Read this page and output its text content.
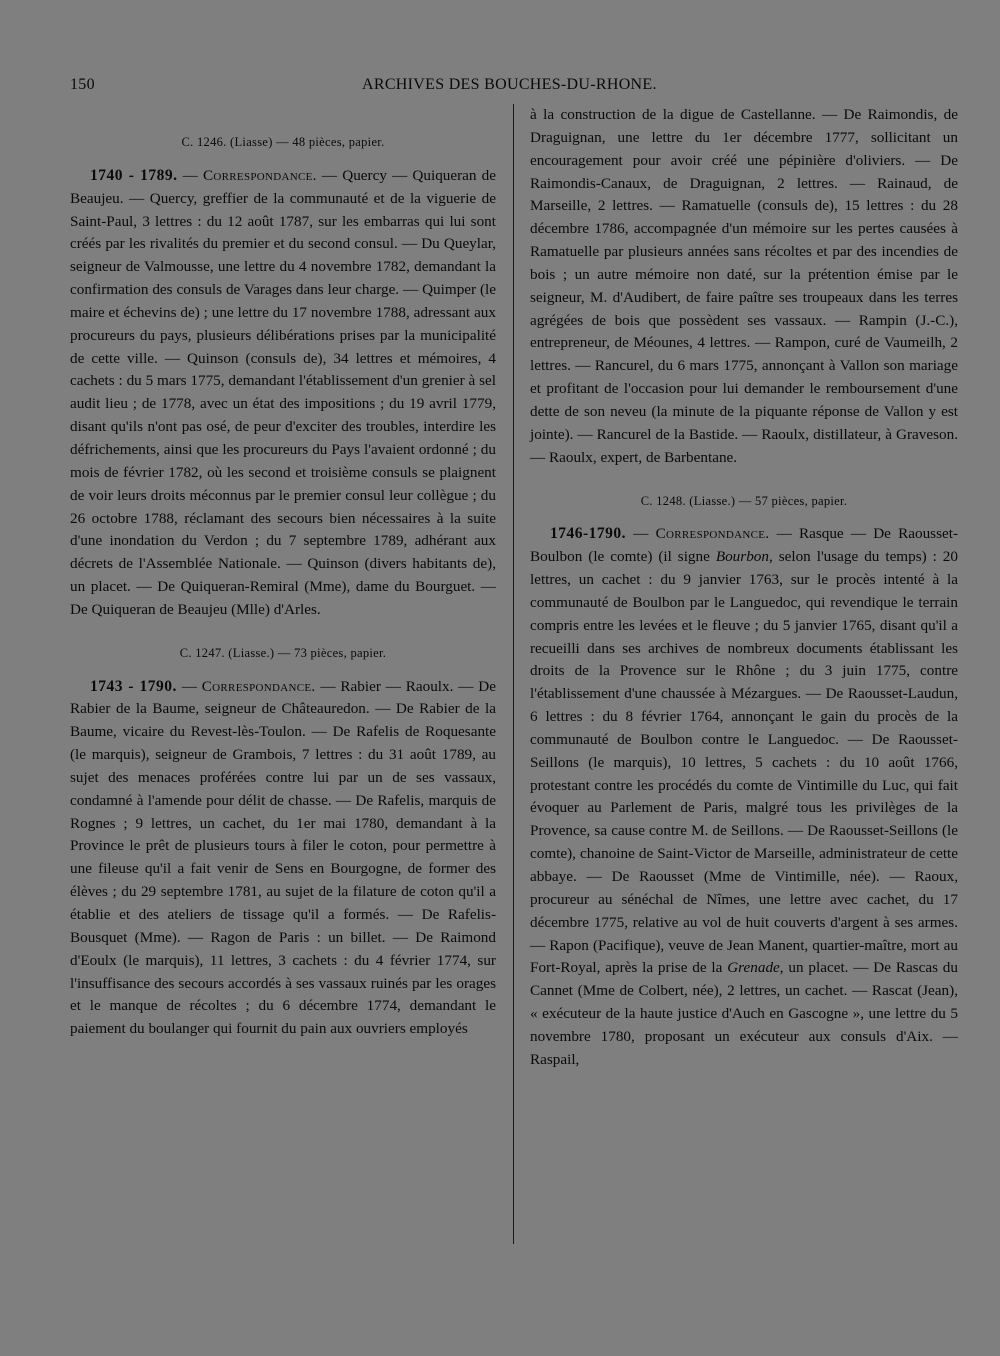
150	ARCHIVES DES BOUCHES-DU-RHONE.

C. 1246. (Liasse) — 48 pièces, papier.

1740 - 1789. — Correspondance. — Quercy — Quiqueran de Beaujeu. — Quercy, greffier de la communauté et de la viguerie de Saint-Paul, 3 lettres : du 12 août 1787, sur les embarras qui lui sont créés par les rivalités du premier et du second consul. — Du Queylar, seigneur de Valmousse, une lettre du 4 novembre 1782, demandant la confirmation des consuls de Varages dans leur charge. — Quimper (le maire et échevins de) ; une lettre du 17 novembre 1788, adressant aux procureurs du pays, plusieurs délibérations prises par la municipalité de cette ville. — Quinson (consuls de), 34 lettres et mémoires, 4 cachets : du 5 mars 1775, demandant l'établissement d'un grenier à sel audit lieu ; de 1778, avec un état des impositions ; du 19 avril 1779, disant qu'ils n'ont pas osé, de peur d'exciter des troubles, interdire les défrichements, ainsi que les procureurs du Pays l'avaient ordonné ; du mois de février 1782, où les second et troisième consuls se plaignent de voir leurs droits méconnus par le premier consul leur collègue ; du 26 octobre 1788, réclamant des secours bien nécessaires à la suite d'une inondation du Verdon ; du 7 septembre 1789, adhérant aux décrets de l'Assemblée Nationale. — Quinson (divers habitants de), un placet. — De Quiqueran-Remiral (Mme), dame du Bourguet. — De Quiqueran de Beaujeu (Mlle) d'Arles.

C. 1247. (Liasse.) — 73 pièces, papier.

1743 - 1790. — Correspondance. — Rabier — Raoulx. — De Rabier de la Baume, seigneur de Châteauredon. — De Rabier de la Baume, vicaire du Revest-lès-Toulon. — De Rafelis de Roquesante (le marquis), seigneur de Grambois, 7 lettres : du 31 août 1789, au sujet des menaces proférées contre lui par un de ses vassaux, condamné à l'amende pour délit de chasse. — De Rafelis, marquis de Rognes ; 9 lettres, un cachet, du 1er mai 1780, demandant à la Province le prêt de plusieurs tours à filer le coton, pour permettre à une fileuse qu'il a fait venir de Sens en Bourgogne, de former des élèves ; du 29 septembre 1781, au sujet de la filature de coton qu'il a établie et des ateliers de tissage qu'il a formés. — De Rafelis-Bousquet (Mme). — Ragon de Paris : un billet. — De Raimond d'Eoulx (le marquis), 11 lettres, 3 cachets : du 4 février 1774, sur l'insuffisance des secours accordés à ses vassaux ruinés par les orages et le manque de récoltes ; du 6 décembre 1774, demandant le paiement du boulanger qui fournit du pain aux ouvriers employés

à la construction de la digue de Castellanne. — De Raimondis, de Draguignan, une lettre du 1er décembre 1777, sollicitant un encouragement pour avoir créé une pépinière d'oliviers. — De Raimondis-Canaux, de Draguignan, 2 lettres. — Rainaud, de Marseille, 2 lettres. — Ramatuelle (consuls de), 15 lettres : du 28 décembre 1786, accompagnée d'un mémoire sur les pertes causées à Ramatuelle par plusieurs années sans récoltes et par des incendies de bois ; un autre mémoire non daté, sur la prétention émise par le seigneur, M. d'Audibert, de faire paître ses troupeaux dans les terres agrégées de bois que possèdent ses vassaux. — Rampin (J.-C.), entrepreneur, de Méounes, 4 lettres. — Rampon, curé de Vaumeilh, 2 lettres. — Rancurel, du 6 mars 1775, annonçant à Vallon son mariage et profitant de l'occasion pour lui demander le remboursement d'une dette de son neveu (la minute de la piquante réponse de Vallon y est jointe). — Rancurel de la Bastide. — Raoulx, distillateur, à Graveson. — Raoulx, expert, de Barbentane.

C. 1248. (Liasse.) — 57 pièces, papier.

1746-1790. — Correspondance. — Rasque — De Raousset-Boulbon (le comte) (il signe Bourbon, selon l'usage du temps) : 20 lettres, un cachet : du 9 janvier 1763, sur le procès intenté à la communauté de Boulbon par le Languedoc, qui revendique le terrain compris entre les levées et le fleuve ; du 5 janvier 1765, disant qu'il a recueilli dans ses archives de nombreux documents établissant les droits de la Provence sur le Rhône ; du 3 juin 1775, contre l'établissement d'une chaussée à Mézargues. — De Raousset-Laudun, 6 lettres : du 8 février 1764, annonçant le gain du procès de la communauté de Boulbon contre le Languedoc. — De Raousset-Seillons (le marquis), 10 lettres, 5 cachets : du 10 août 1766, protestant contre les procédés du comte de Vintimille du Luc, qui fait évoquer au Parlement de Paris, malgré tous les privilèges de la Provence, sa cause contre M. de Seillons. — De Raousset-Seillons (le comte), chanoine de Saint-Victor de Marseille, administrateur de cette abbaye. — De Raousset (Mme de Vintimille, née). — Raoux, procureur au sénéchal de Nîmes, une lettre avec cachet, du 17 décembre 1775, relative au vol de huit couverts d'argent à ses armes. — Rapon (Pacifique), veuve de Jean Manent, quartier-maître, mort au Fort-Royal, après la prise de la Grenade, un placet. — De Rascas du Cannet (Mme de Colbert, née), 2 lettres, un cachet. — Rascat (Jean), « exécuteur de la haute justice d'Auch en Gascogne », une lettre du 5 novembre 1780, proposant un exécuteur aux consuls d'Aix. — Raspail,
